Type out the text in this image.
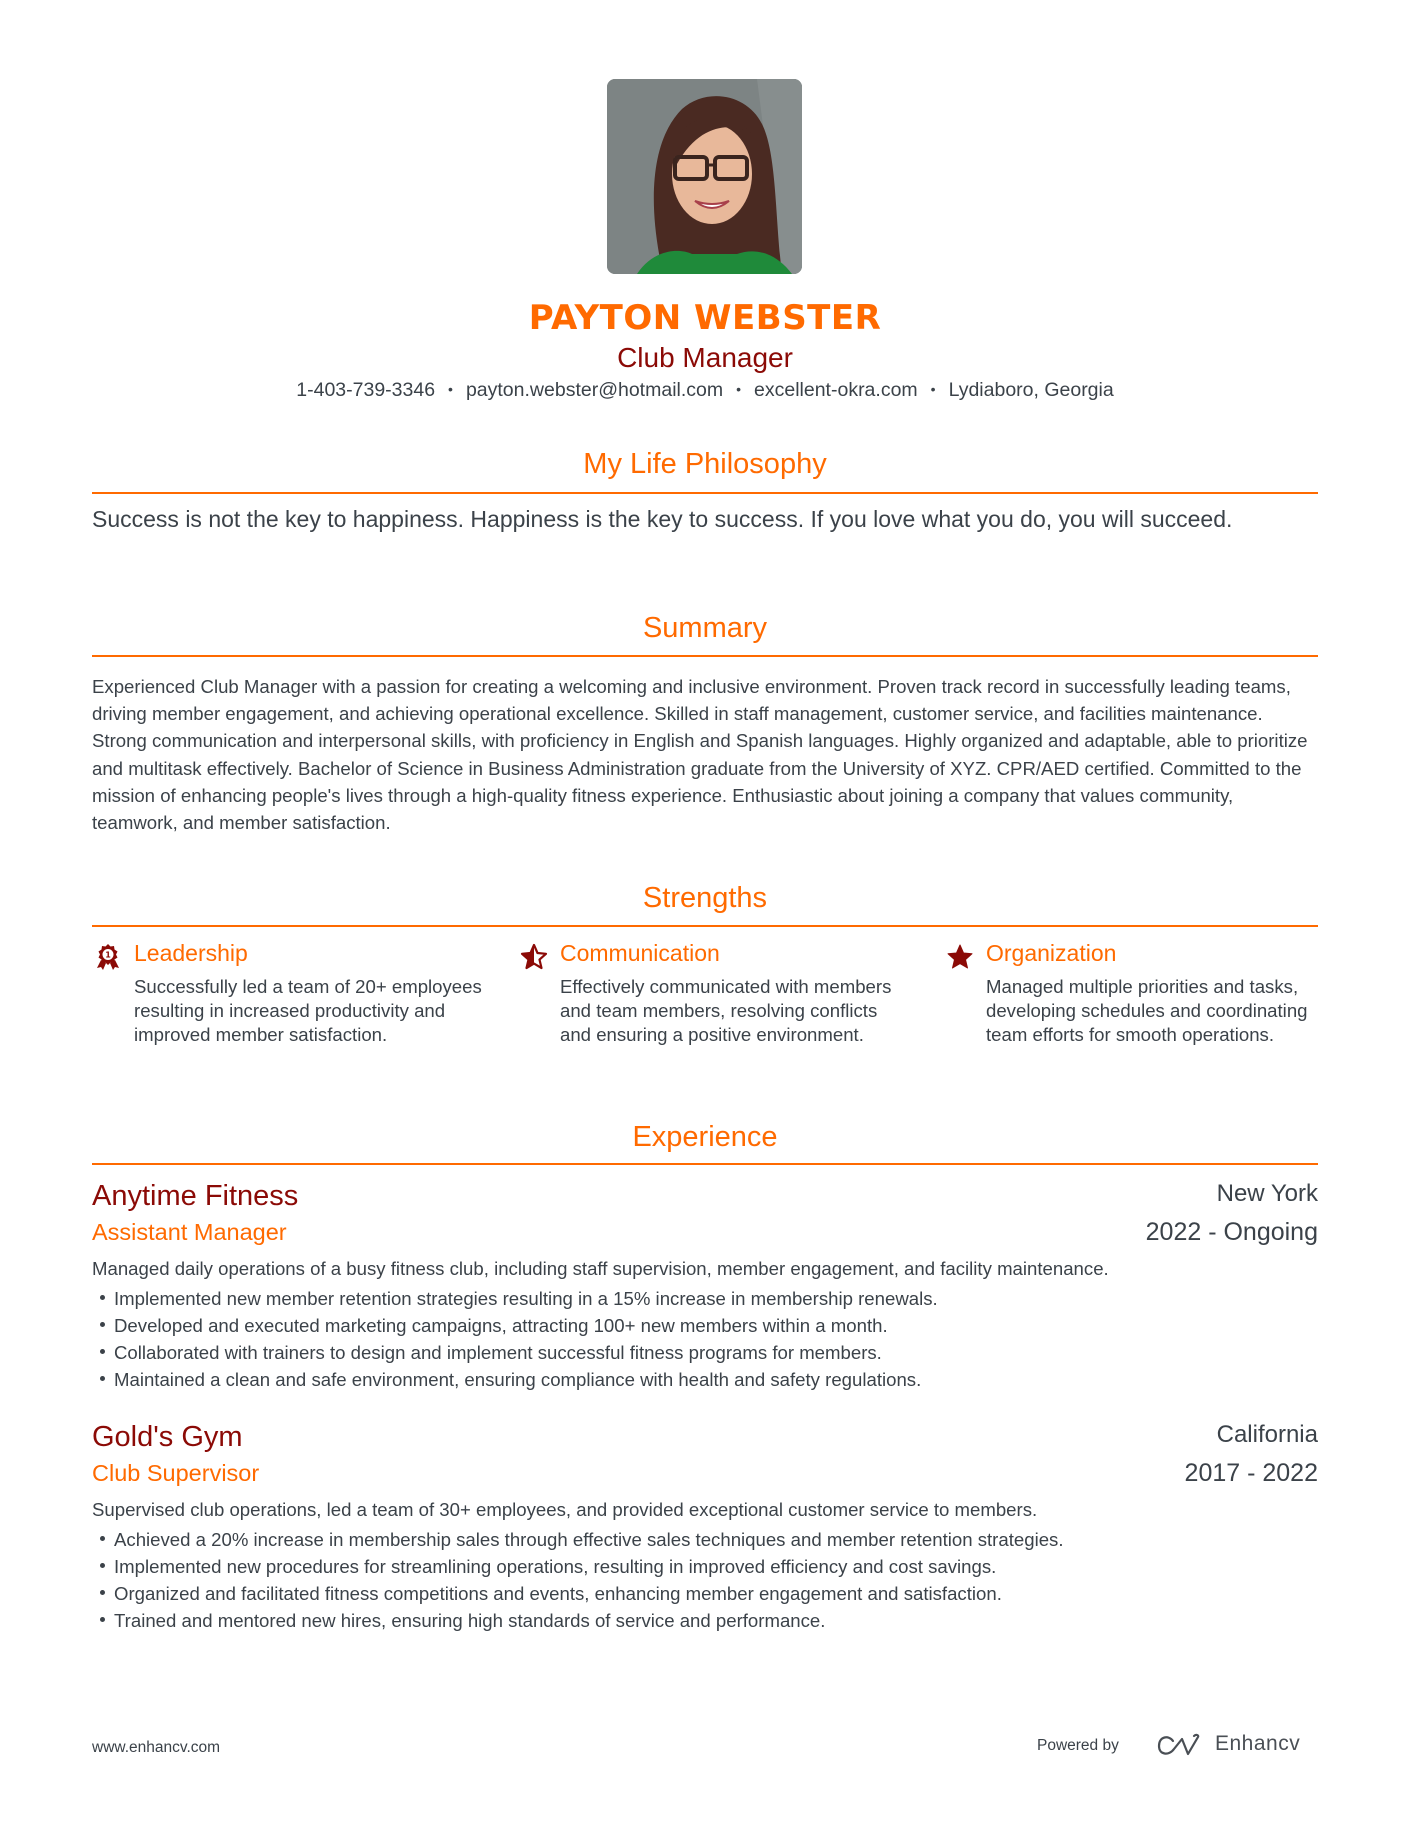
PAYTON WEBSTER
Club Manager
1-403-739-3346 • payton.webster@hotmail.com • excellent-okra.com • Lydiaboro, Georgia
My Life Philosophy
Success is not the key to happiness. Happiness is the key to success. If you love what you do, you will succeed.
Summary
Experienced Club Manager with a passion for creating a welcoming and inclusive environment. Proven track record in successfully leading teams, driving member engagement, and achieving operational excellence. Skilled in staff management, customer service, and facilities maintenance. Strong communication and interpersonal skills, with proficiency in English and Spanish languages. Highly organized and adaptable, able to prioritize and multitask effectively. Bachelor of Science in Business Administration graduate from the University of XYZ. CPR/AED certified. Committed to the mission of enhancing people's lives through a high-quality fitness experience. Enthusiastic about joining a company that values community, teamwork, and member satisfaction.
Strengths
1 Leadership
Successfully led a team of 20+ employees resulting in increased productivity and improved member satisfaction.
Communication
Effectively communicated with members and team members, resolving conflicts and ensuring a positive environment.
Organization
Managed multiple priorities and tasks, developing schedules and coordinating team efforts for smooth operations.
Experience
Anytime Fitness	New York
Assistant Manager	2022 - Ongoing
Managed daily operations of a busy fitness club, including staff supervision, member engagement, and facility maintenance.
Implemented new member retention strategies resulting in a 15% increase in membership renewals.
Developed and executed marketing campaigns, attracting 100+ new members within a month.
Collaborated with trainers to design and implement successful fitness programs for members.
Maintained a clean and safe environment, ensuring compliance with health and safety regulations.
Gold's Gym	California
Club Supervisor	2017 - 2022
Supervised club operations, led a team of 30+ employees, and provided exceptional customer service to members.
Achieved a 20% increase in membership sales through effective sales techniques and member retention strategies.
Implemented new procedures for streamlining operations, resulting in improved efficiency and cost savings.
Organized and facilitated fitness competitions and events, enhancing member engagement and satisfaction.
Trained and mentored new hires, ensuring high standards of service and performance.
www.enhancv.com	Powered by	Enhancv
